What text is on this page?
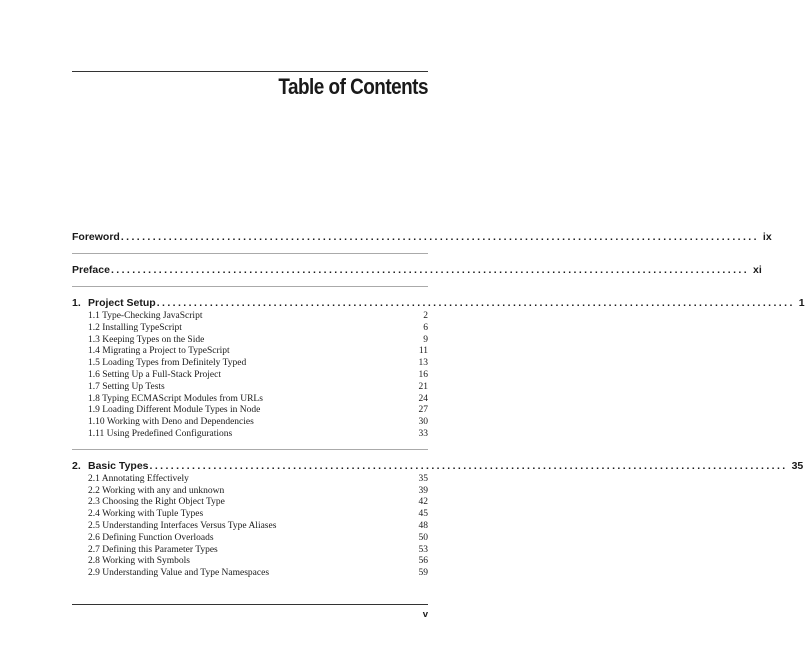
Table of Contents
Foreword ........................................................................................................................ ix
Preface ........................................................................................................................ xi
1. Project Setup ........................................................................................................................ 1
1.1 Type-Checking JavaScript	2
1.2 Installing TypeScript	6
1.3 Keeping Types on the Side	9
1.4 Migrating a Project to TypeScript	11
1.5 Loading Types from Definitely Typed	13
1.6 Setting Up a Full-Stack Project	16
1.7 Setting Up Tests	21
1.8 Typing ECMAScript Modules from URLs	24
1.9 Loading Different Module Types in Node	27
1.10 Working with Deno and Dependencies	30
1.11 Using Predefined Configurations	33
2. Basic Types ........................................................................................................................ 35
2.1 Annotating Effectively	35
2.2 Working with any and unknown	39
2.3 Choosing the Right Object Type	42
2.4 Working with Tuple Types	45
2.5 Understanding Interfaces Versus Type Aliases	48
2.6 Defining Function Overloads	50
2.7 Defining this Parameter Types	53
2.8 Working with Symbols	56
2.9 Understanding Value and Type Namespaces	59
v
